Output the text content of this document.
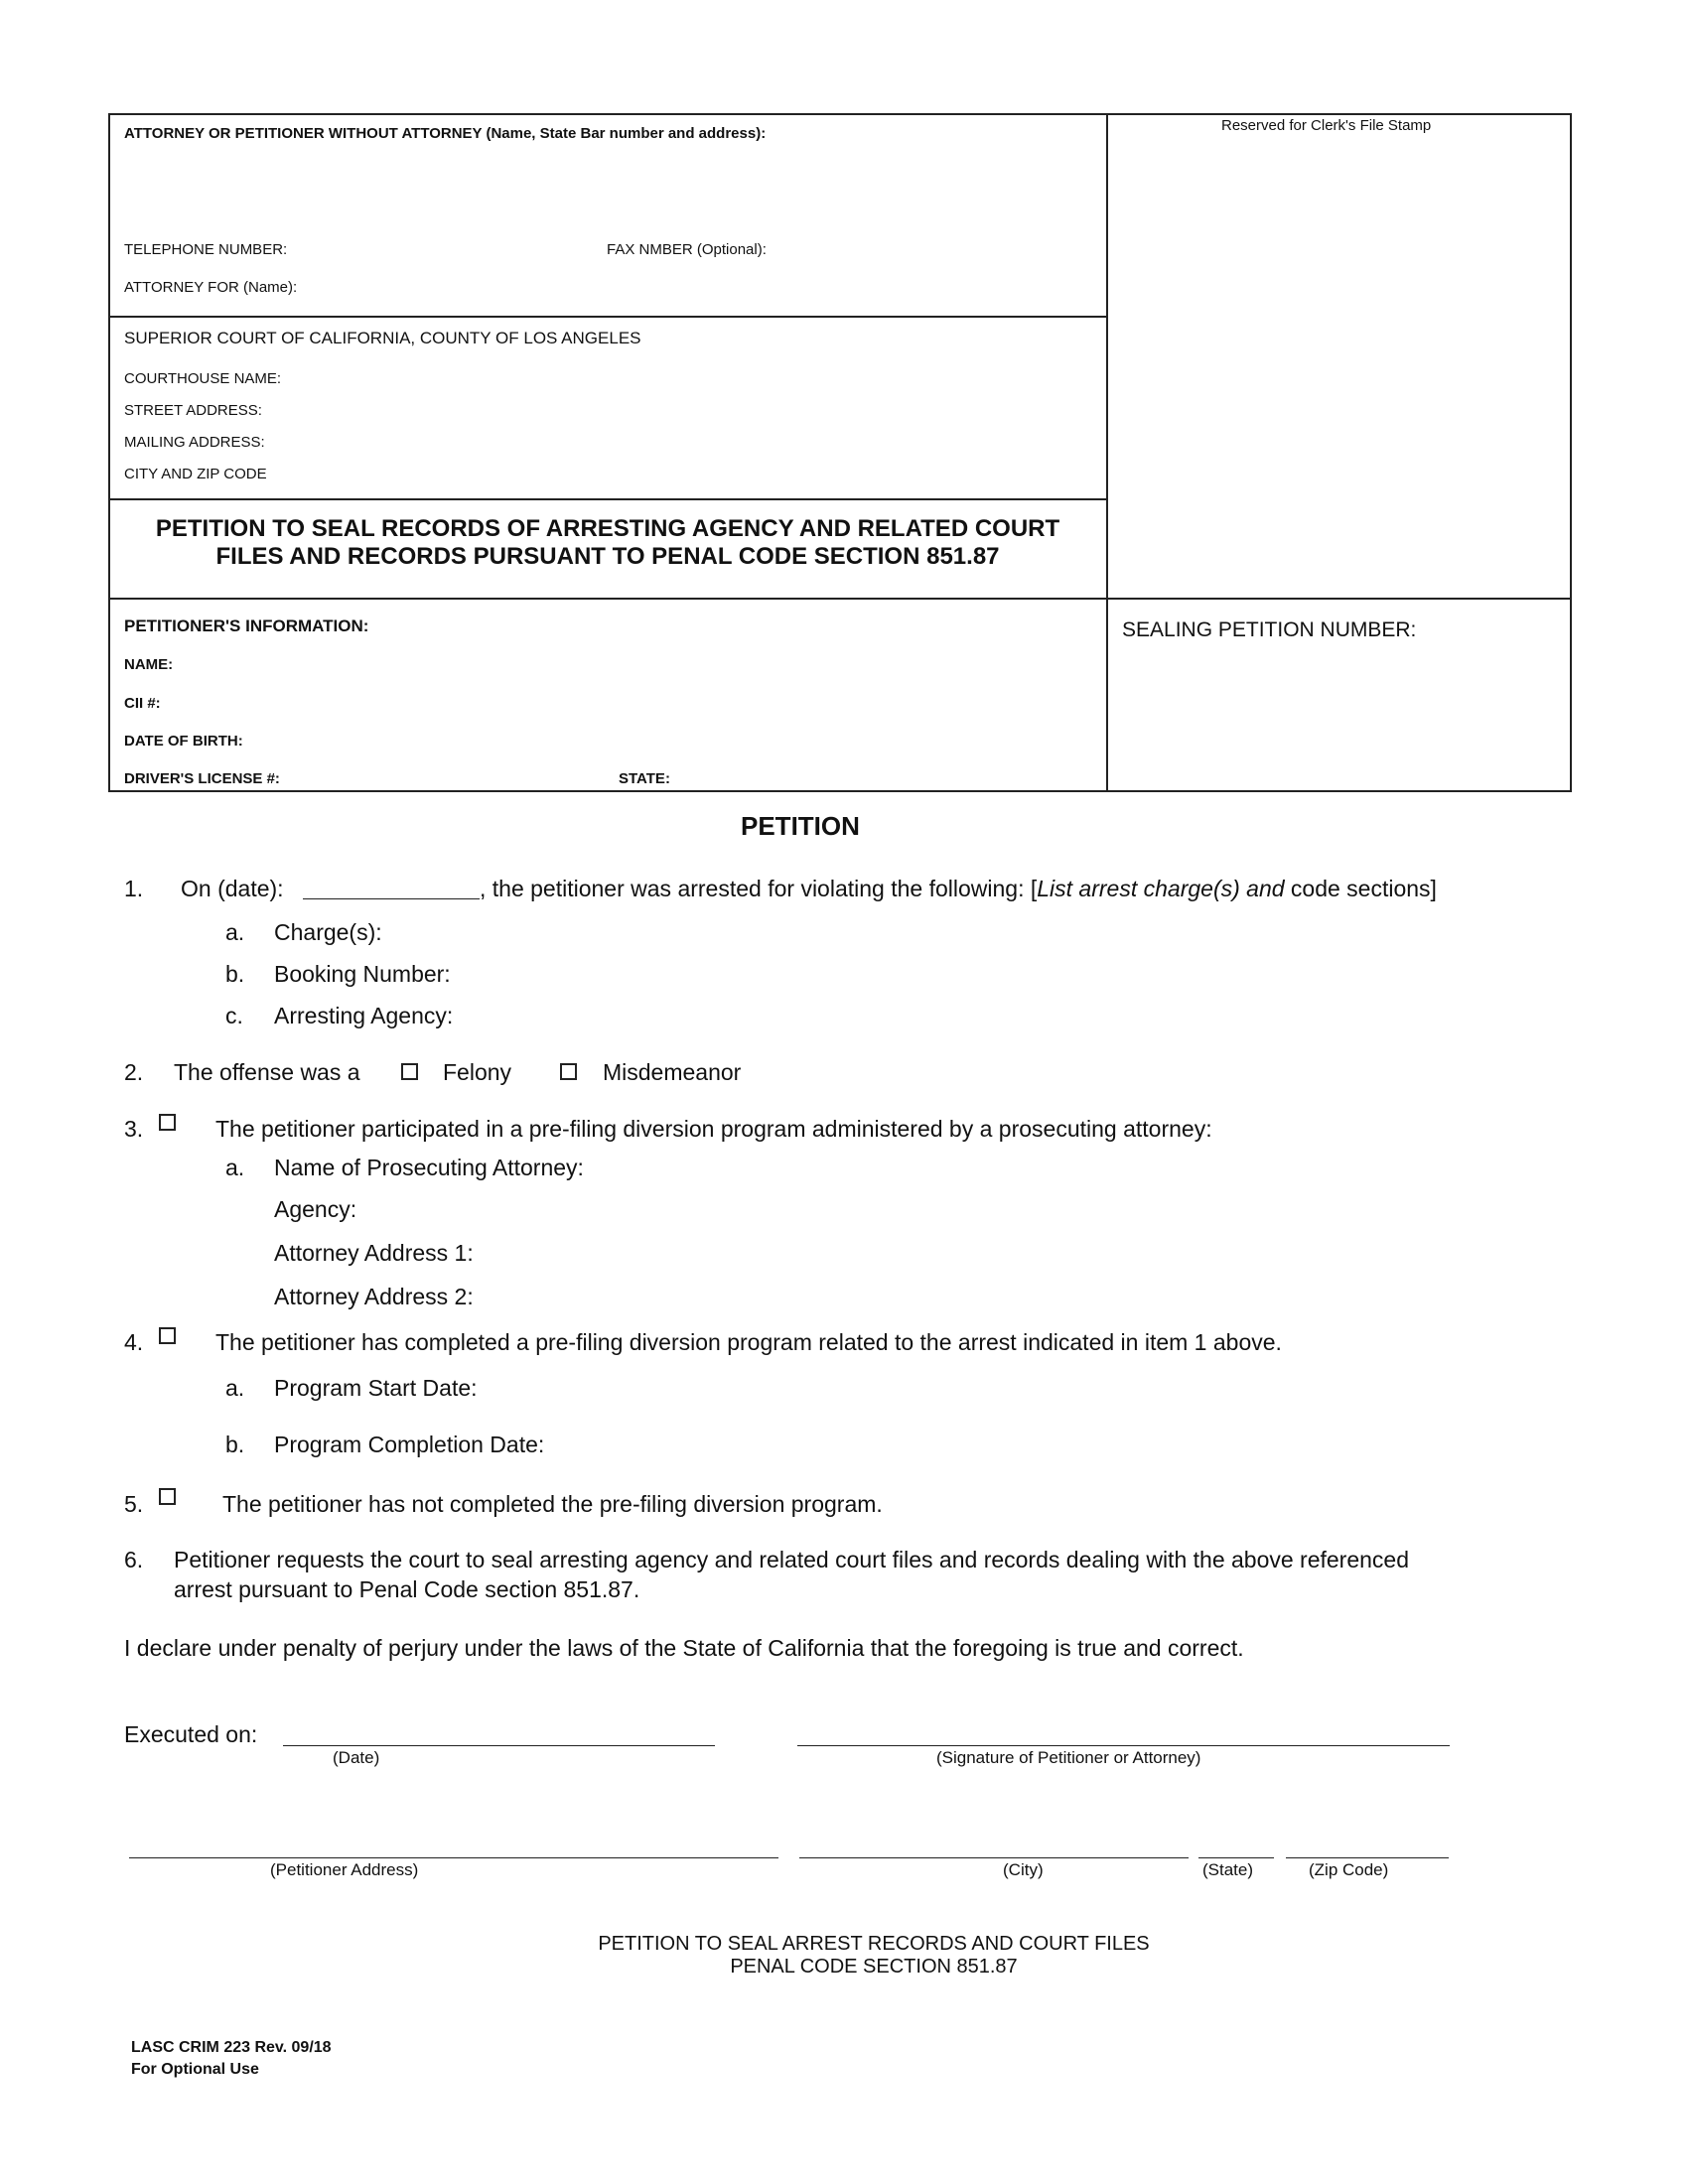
ATTORNEY OR PETITIONER WITHOUT ATTORNEY (Name, State Bar number and address):
TELEPHONE NUMBER:	FAX NMBER (Optional):
ATTORNEY FOR (Name):
Reserved for Clerk's File Stamp
SUPERIOR COURT OF CALIFORNIA, COUNTY OF LOS ANGELES
COURTHOUSE NAME:
STREET ADDRESS:
MAILING ADDRESS:
CITY AND ZIP CODE
PETITION TO SEAL RECORDS OF ARRESTING AGENCY AND RELATED COURT
FILES AND RECORDS PURSUANT TO PENAL CODE SECTION 851.87
PETITIONER'S INFORMATION:
NAME:
CII #:
DATE OF BIRTH:
DRIVER'S LICENSE #:	STATE:
SEALING PETITION NUMBER:
PETITION
1. On (date):	, the petitioner was arrested for violating the following: [List arrest charge(s) and code sections]
a. Charge(s):
b. Booking Number:
c. Arresting Agency:
2. The offense was a	Felony	Misdemeanor
3.	The petitioner participated in a pre-filing diversion program administered by a prosecuting attorney:
a. Name of Prosecuting Attorney:
Agency:
Attorney Address 1:
Attorney Address 2:
4.	The petitioner has completed a pre-filing diversion program related to the arrest indicated in item 1 above.
a. Program Start Date:
b. Program Completion Date:
5.	The petitioner has not completed the pre-filing diversion program.
6. Petitioner requests the court to seal arresting agency and related court files and records dealing with the above referenced
arrest pursuant to Penal Code section 851.87.
I declare under penalty of perjury under the laws of the State of California that the foregoing is true and correct.
Executed on:
(Date)	(Signature of Petitioner or Attorney)
(Petitioner Address)	(City)	(State)	(Zip Code)
PETITION TO SEAL ARREST RECORDS AND COURT FILES
PENAL CODE SECTION 851.87
LASC CRIM 223 Rev. 09/18
For Optional Use
